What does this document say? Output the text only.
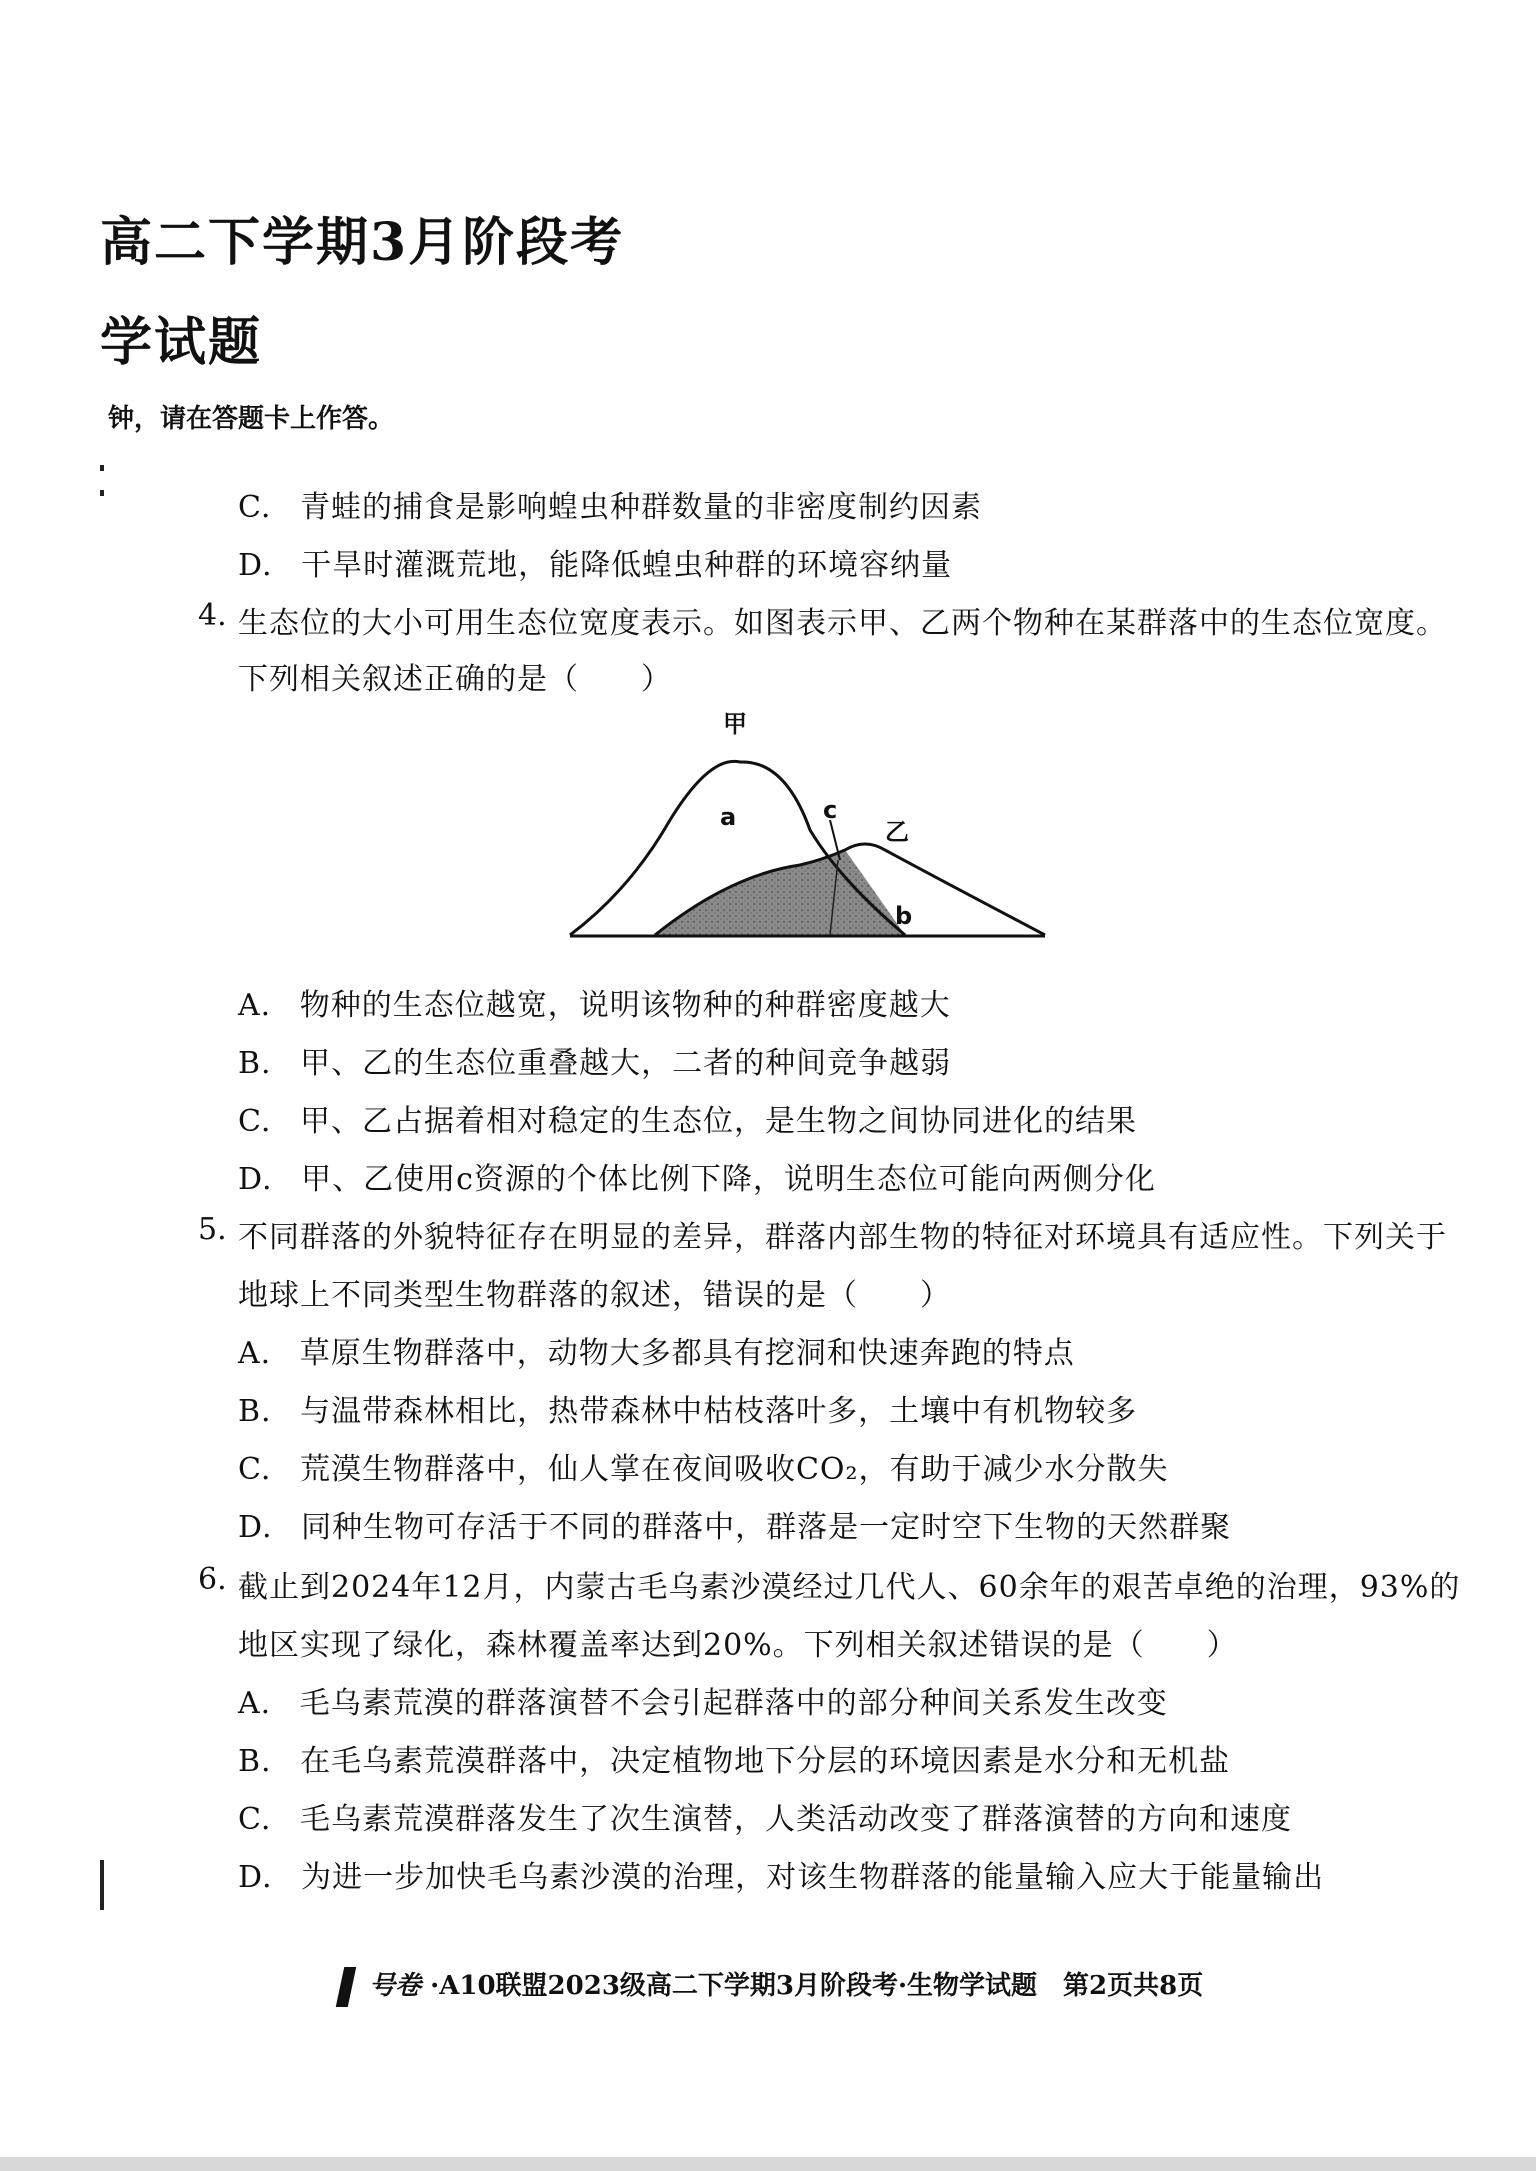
高二下学期3月阶段考
学试题
钟，请在答题卡上作答。
C. 青蛙的捕食是影响蝗虫种群数量的非密度制约因素
D. 干旱时灌溉荒地，能降低蝗虫种群的环境容纳量
4. 生态位的大小可用生态位宽度表示。如图表示甲、乙两个物种在某群落中的生态位宽度。
下列相关叙述正确的是（　　）
甲
a	c
乙
b
A. 物种的生态位越宽，说明该物种的种群密度越大
B. 甲、乙的生态位重叠越大，二者的种间竞争越弱
C. 甲、乙占据着相对稳定的生态位，是生物之间协同进化的结果
D. 甲、乙使用c资源的个体比例下降，说明生态位可能向两侧分化
5. 不同群落的外貌特征存在明显的差异，群落内部生物的特征对环境具有适应性。下列关于
地球上不同类型生物群落的叙述，错误的是（　　）
A. 草原生物群落中，动物大多都具有挖洞和快速奔跑的特点
B. 与温带森林相比，热带森林中枯枝落叶多，土壤中有机物较多
C. 荒漠生物群落中，仙人掌在夜间吸收CO₂，有助于减少水分散失
D. 同种生物可存活于不同的群落中，群落是一定时空下生物的天然群聚
6. 截止到2024年12月，内蒙古毛乌素沙漠经过几代人、60余年的艰苦卓绝的治理，93%的
地区实现了绿化，森林覆盖率达到20%。下列相关叙述错误的是（　　）
A. 毛乌素荒漠的群落演替不会引起群落中的部分种间关系发生改变
B. 在毛乌素荒漠群落中，决定植物地下分层的环境因素是水分和无机盐
C. 毛乌素荒漠群落发生了次生演替，人类活动改变了群落演替的方向和速度
D. 为进一步加快毛乌素沙漠的治理，对该生物群落的能量输入应大于能量输出
号卷 ·A10联盟2023级高二下学期3月阶段考·生物学试题　第2页共8页
